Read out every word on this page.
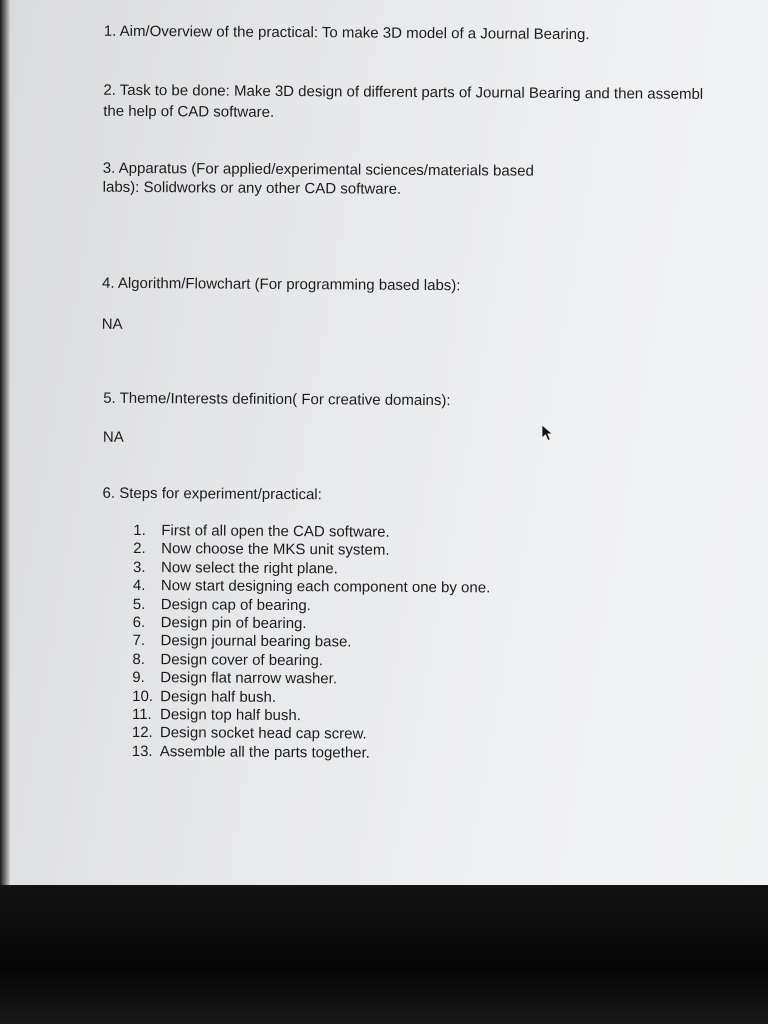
1. Aim/Overview of the practical: To make 3D model of a Journal Bearing.
2. Task to be done: Make 3D design of different parts of Journal Bearing and then assembl
the help of CAD software.
3. Apparatus (For applied/experimental sciences/materials based
labs): Solidworks or any other CAD software.
4. Algorithm/Flowchart (For programming based labs):
NA
5. Theme/Interests definition( For creative domains):
NA
6. Steps for experiment/practical:
1. First of all open the CAD software.
2. Now choose the MKS unit system.
3. Now select the right plane.
4. Now start designing each component one by one.
5. Design cap of bearing.
6. Design pin of bearing.
7. Design journal bearing base.
8. Design cover of bearing.
9. Design flat narrow washer.
10. Design half bush.
11. Design top half bush.
12. Design socket head cap screw.
13. Assemble all the parts together.
